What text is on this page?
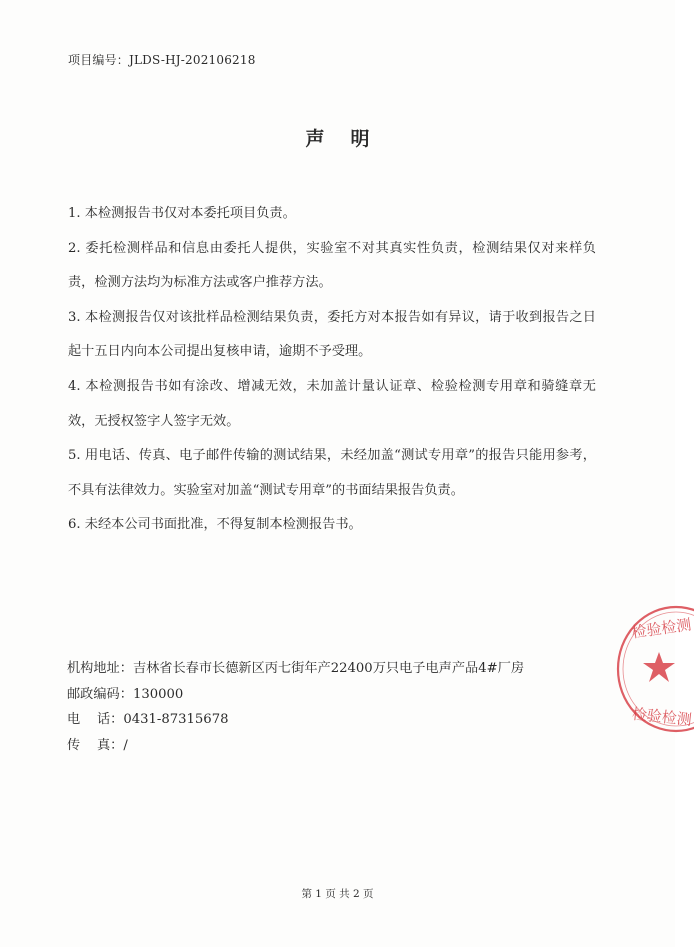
项目编号：JLDS-HJ-202106218
声明

1. 本检测报告书仅对本委托项目负责。

2. 委托检测样品和信息由委托人提供，实验室不对其真实性负责，检测结果仅对来样负责，检测方法均为标准方法或客户推荐方法。

3. 本检测报告仅对该批样品检测结果负责，委托方对本报告如有异议，请于收到报告之日起十五日内向本公司提出复核申请，逾期不予受理。

4. 本检测报告书如有涂改、增减无效，未加盖计量认证章、检验检测专用章和骑缝章无效，无授权签字人签字无效。

5. 用电话、传真、电子邮件传输的测试结果，未经加盖“测试专用章”的报告只能用参考，不具有法律效力。实验室对加盖“测试专用章”的书面结果报告负责。

6. 未经本公司书面批准，不得复制本检测报告书。

机构地址：吉林省长春市长德新区丙七街年产22400万只电子电声产品4#厂房
邮政编码：130000
电    话：0431-87315678
传    真：/
检验检测
检验检测
第 1 页 共 2 页
